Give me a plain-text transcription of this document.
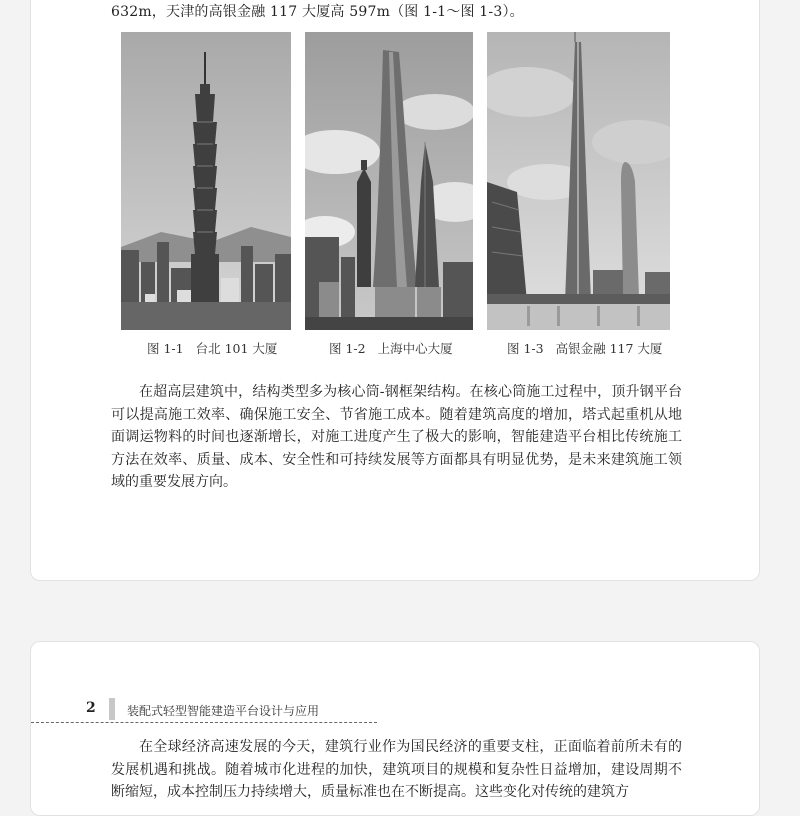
632m，天津的高银金融 117 大厦高 597m（图 1-1～图 1-3）。
图 1-1 台北 101 大厦	图 1-2 上海中心大厦	图 1-3 高银金融 117 大厦

在超高层建筑中，结构类型多为核心筒-钢框架结构。在核心筒施工过程中，顶升钢平台可以提高施工效率、确保施工安全、节省施工成本。随着建筑高度的增加，塔式起重机从地面调运物料的时间也逐渐增长，对施工进度产生了极大的影响，智能建造平台相比传统施工方法在效率、质量、成本、安全性和可持续发展等方面都具有明显优势，是未来建筑施工领域的重要发展方向。

2	装配式轻型智能建造平台设计与应用

在全球经济高速发展的今天，建筑行业作为国民经济的重要支柱，正面临着前所未有的发展机遇和挑战。随着城市化进程的加快，建筑项目的规模和复杂性日益增加，建设周期不断缩短，成本控制压力持续增大，质量标准也在不断提高。这些变化对传统的建筑方
